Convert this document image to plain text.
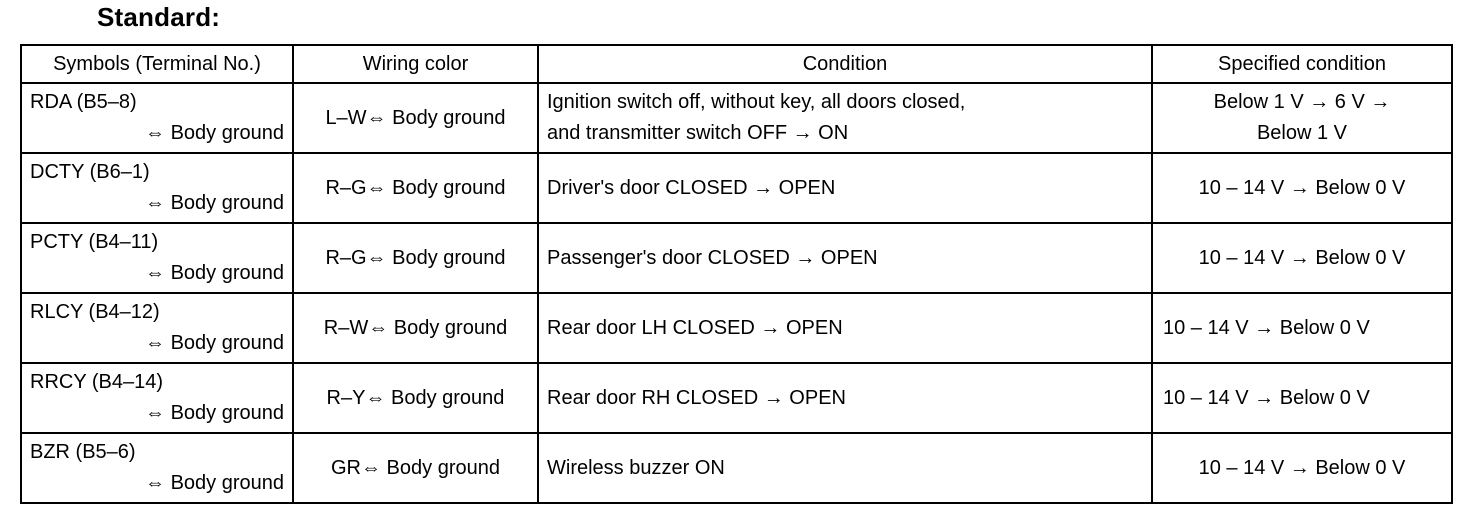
Standard:
Symbols (Terminal No.)	Wiring color	Condition	Specified condition

RDA (B5–8)
⇔ Body ground	L–W⇔ Body ground	Ignition switch off, without key, all doors closed,
and transmitter switch OFF → ON	Below 1 V → 6 V →
Below 1 V

DCTY (B6–1)
⇔ Body ground	R–G⇔ Body ground	Driver's door CLOSED → OPEN	10 – 14 V → Below 0 V

PCTY (B4–11)
⇔ Body ground	R–G⇔ Body ground	Passenger's door CLOSED → OPEN	10 – 14 V → Below 0 V

RLCY (B4–12)
⇔ Body ground	R–W⇔ Body ground	Rear door LH CLOSED → OPEN	10 – 14 V → Below 0 V

RRCY (B4–14)
⇔ Body ground	R–Y⇔ Body ground	Rear door RH CLOSED → OPEN	10 – 14 V → Below 0 V

BZR (B5–6)
⇔ Body ground	GR⇔ Body ground	Wireless buzzer ON	10 – 14 V → Below 0 V
